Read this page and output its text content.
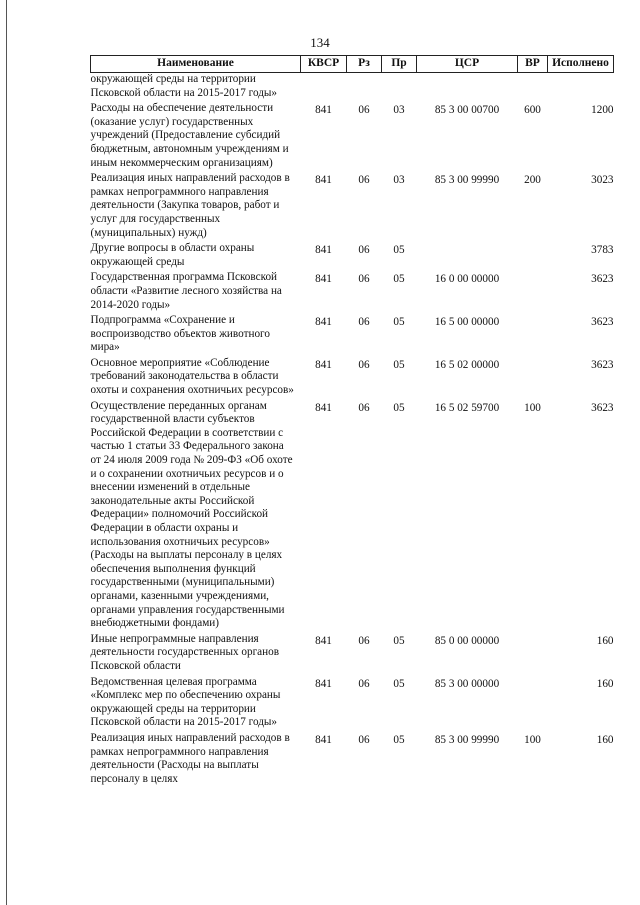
134
Наименование	КВСР	Рз	Пр	ЦСР	ВР	Исполнено
окружающей среды на территории Псковской области на 2015-2017 годы»						
Расходы на обеспечение деятельности (оказание услуг) государственных учреждений (Предоставление субсидий бюджетным, автономным учреждениям и иным некоммерческим организациям)	841	06	03	85 3 00 00700	600	1200
Реализация иных направлений расходов в рамках непрограммного направления деятельности (Закупка товаров, работ и услуг для государственных (муниципальных) нужд)	841	06	03	85 3 00 99990	200	3023
Другие вопросы в области охраны окружающей среды	841	06	05			3783
Государственная программа Псковской области «Развитие лесного хозяйства на 2014-2020 годы»	841	06	05	16 0 00 00000		3623
Подпрограмма «Сохранение и воспроизводство объектов животного мира»	841	06	05	16 5 00 00000		3623
Основное мероприятие «Соблюдение требований законодательства в области охоты и сохранения охотничьих ресурсов»	841	06	05	16 5 02 00000		3623
Осуществление переданных органам государственной власти субъектов Российской Федерации в соответствии с частью 1 статьи 33 Федерального закона от 24 июля 2009 года № 209-ФЗ «Об охоте и о сохранении охотничьих ресурсов и о внесении изменений в отдельные законодательные акты Российской Федерации» полномочий Российской Федерации в области охраны и использования охотничьих ресурсов» (Расходы на выплаты персоналу в целях обеспечения выполнения функций государственными (муниципальными) органами, казенными учреждениями, органами управления государственными внебюджетными фондами)	841	06	05	16 5 02 59700	100	3623
Иные непрограммные направления деятельности государственных органов Псковской области	841	06	05	85 0 00 00000		160
Ведомственная целевая программа «Комплекс мер по обеспечению охраны окружающей среды на территории Псковской области на 2015-2017 годы»	841	06	05	85 3 00 00000		160
Реализация иных направлений расходов в рамках непрограммного направления деятельности (Расходы на выплаты персоналу в целях	841	06	05	85 3 00 99990	100	160
